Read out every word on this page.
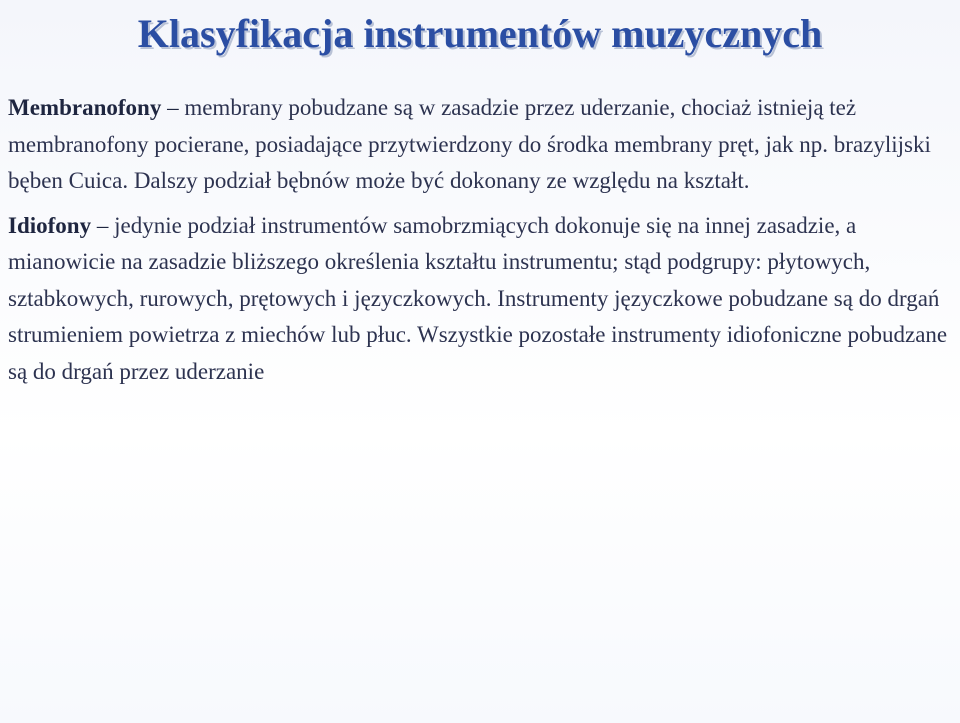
Klasyfikacja instrumentów muzycznych

Membranofony – membrany pobudzane są w zasadzie przez uderzanie, chociaż istnieją też membranofony pocierane, posiadające przytwierdzony do środka membrany pręt, jak np. brazylijski bęben Cuica. Dalszy podział bębnów może być dokonany ze względu na kształt.

Idiofony – jedynie podział instrumentów samobrzmiących dokonuje się na innej zasadzie, a mianowicie na zasadzie bliższego określenia kształtu instrumentu; stąd podgrupy: płytowych, sztabkowych, rurowych, prętowych i języczkowych. Instrumenty języczkowe pobudzane są do drgań strumieniem powietrza z miechów lub płuc. Wszystkie pozostałe instrumenty idiofoniczne pobudzane są do drgań przez uderzanie
